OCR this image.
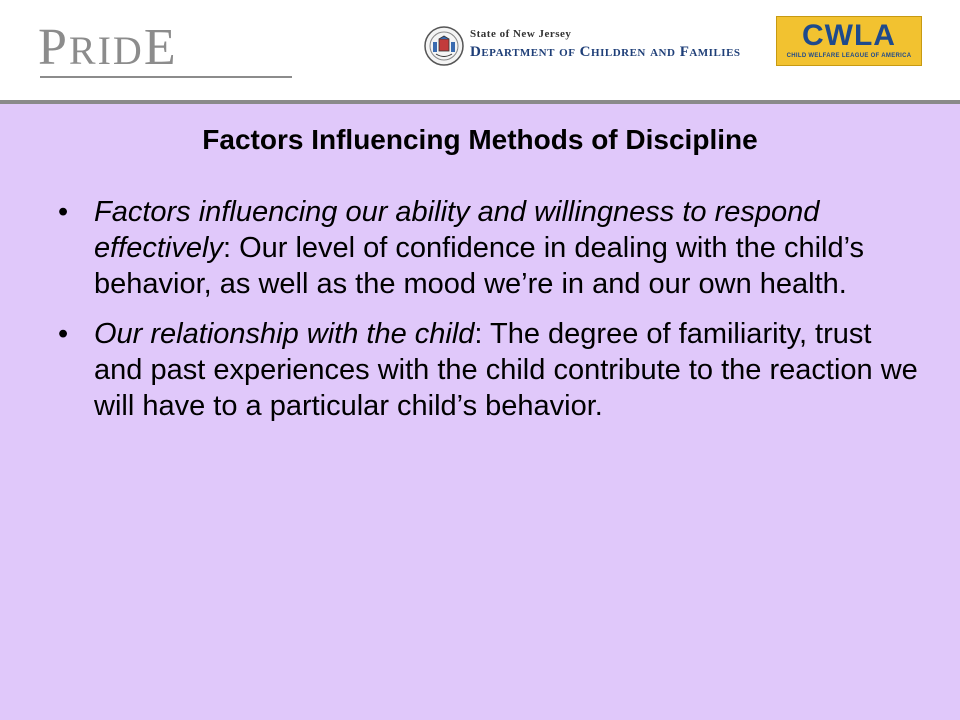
PRIDE	State of New Jersey
Department of Children and Families	CWLA
CHILD WELFARE LEAGUE OF AMERICA
Factors Influencing Methods of Discipline
• Factors influencing our ability and willingness to respond effectively: Our level of confidence in dealing with the child’s behavior, as well as the mood we’re in and our own health.
• Our relationship with the child: The degree of familiarity, trust and past experiences with the child contribute to the reaction we will have to a particular child’s behavior.
